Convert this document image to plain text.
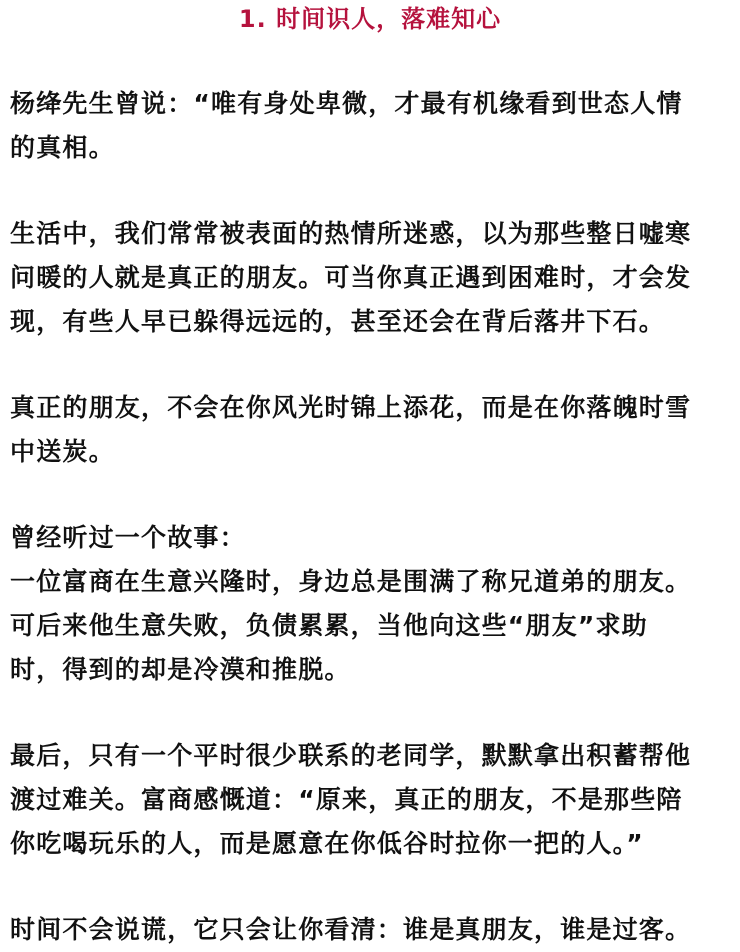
1. 时间识人，落难知心

杨绛先生曾说：“唯有身处卑微，才最有机缘看到世态人情
的真相。

生活中，我们常常被表面的热情所迷惑，以为那些整日嘘寒
问暖的人就是真正的朋友。可当你真正遇到困难时，才会发
现，有些人早已躲得远远的，甚至还会在背后落井下石。

真正的朋友，不会在你风光时锦上添花，而是在你落魄时雪
中送炭。

曾经听过一个故事：
一位富商在生意兴隆时，身边总是围满了称兄道弟的朋友。
可后来他生意失败，负债累累，当他向这些“朋友”求助
时，得到的却是冷漠和推脱。

最后，只有一个平时很少联系的老同学，默默拿出积蓄帮他
渡过难关。富商感慨道：“原来，真正的朋友，不是那些陪
你吃喝玩乐的人，而是愿意在你低谷时拉你一把的人。”

时间不会说谎，它只会让你看清：谁是真朋友，谁是过客。
